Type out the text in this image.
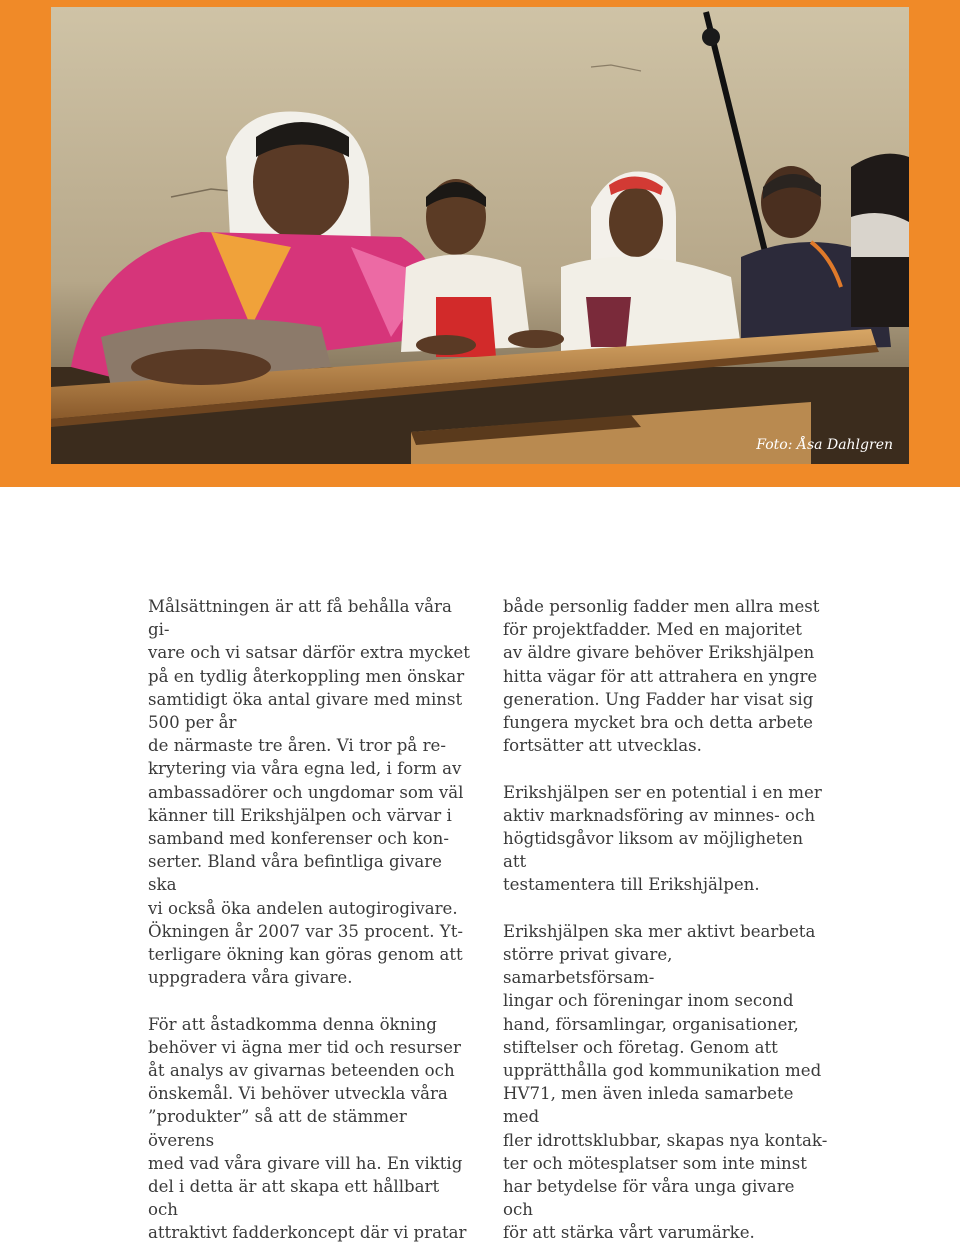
Foto: Åsa Dahlgren

Målsättningen är att få behålla våra gi-
vare och vi satsar därför extra mycket
på en tydlig återkoppling men önskar
samtidigt öka antal givare med minst
500 per år
de närmaste tre åren. Vi tror på re-
krytering via våra egna led, i form av
ambassadörer och ungdomar som väl
känner till Erikshjälpen och värvar i
samband med konferenser och kon-
serter. Bland våra befintliga givare ska
vi också öka andelen autogirogivare.
Ökningen år 2007 var 35 procent. Yt-
terligare ökning kan göras genom att
uppgradera våra givare.

För att åstadkomma denna ökning
behöver vi ägna mer tid och resurser
åt analys av givarnas beteenden och
önskemål. Vi behöver utveckla våra
”produkter” så att de stämmer överens
med vad våra givare vill ha. En viktig
del i detta är att skapa ett hållbart och
attraktivt fadderkoncept där vi pratar

både personlig fadder men allra mest
för projektfadder. Med en majoritet
av äldre givare behöver Erikshjälpen
hitta vägar för att attrahera en yngre
generation. Ung Fadder har visat sig
fungera mycket bra och detta arbete
fortsätter att utvecklas.

Erikshjälpen ser en potential i en mer
aktiv marknadsföring av minnes- och
högtidsgåvor liksom av möjligheten att
testamentera till Erikshjälpen.

Erikshjälpen ska mer aktivt bearbeta
större privat givare, samarbetsförsam-
lingar och föreningar inom second
hand, församlingar, organisationer,
stiftelser och företag. Genom att
upprätthålla god kommunikation med
HV71, men även inleda samarbete med
fler idrottsklubbar, skapas nya kontak-
ter och mötesplatser som inte minst
har betydelse för våra unga givare och
för att stärka vårt varumärke.
